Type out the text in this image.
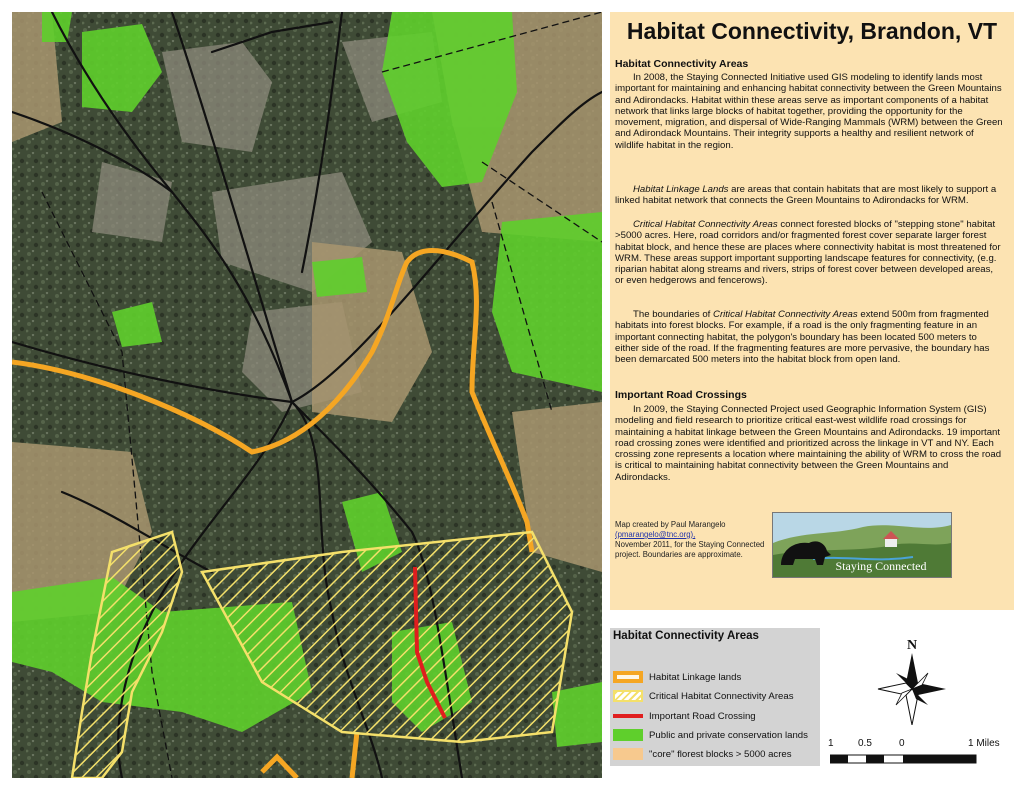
Habitat Connectivity, Brandon, VT
Habitat Connectivity Areas

In 2008, the Staying Connected Initiative used GIS modeling to identify lands most important for maintaining and enhancing habitat connectivity between the Green Mountains and Adirondacks. Habitat within these areas serve as important components of a habitat network that links large blocks of habitat together, providing the opportunity for the movement, migration, and dispersal of Wide-Ranging Mammals (WRM) between the Green and Adirondack Mountains. Their integrity supports a healthy and resilient network of wildlife habitat in the region.

Habitat Linkage Lands are areas that contain habitats that are most likely to support a linked habitat network that connects the Green Mountains to Adirondacks for WRM.

Critical Habitat Connectivity Areas connect forested blocks of "stepping stone" habitat >5000 acres. Here, road corridors and/or fragmented forest cover separate larger forest habitat block, and hence these are places where connectivity habitat is most threatened for WRM. These areas support important supporting landscape features for connectivity, (e.g. riparian habitat along streams and rivers, strips of forest cover between developed areas, or even hedgerows and fencerows).

The boundaries of Critical Habitat Connectivity Areas extend 500m from fragmented habitats into forest blocks. For example, if a road is the only fragmenting feature in an important connecting habitat, the polygon's boundary has been located 500 meters to either side of the road. If the fragmenting features are more pervasive, the boundary has been demarcated 500 meters into the habitat block from open land.

Important Road Crossings

In 2009, the Staying Connected Project used Geographic Information System (GIS) modeling and field research to prioritize critical east-west wildlife road crossings for maintaining a habitat linkage between the Green Mountains and Adirondacks. 19 important road crossing zones were identified and prioritized across the linkage in VT and NY. Each crossing zone represents a location where maintaining the ability of WRM to cross the road is critical to maintaining habitat connectivity between the Green Mountains and Adirondacks.

Map created by Paul Marangelo
(pmarangelo@tnc.org),
November 2011, for the Staying Connected project. Boundaries are approximate.
Staying Connected
Habitat Connectivity Areas
Habitat Linkage lands
Critical Habitat Connectivity Areas
Important Road Crossing
Public and private conservation lands
"core" florest blocks > 5000 acres
N
1 0.5	0	1 Miles
